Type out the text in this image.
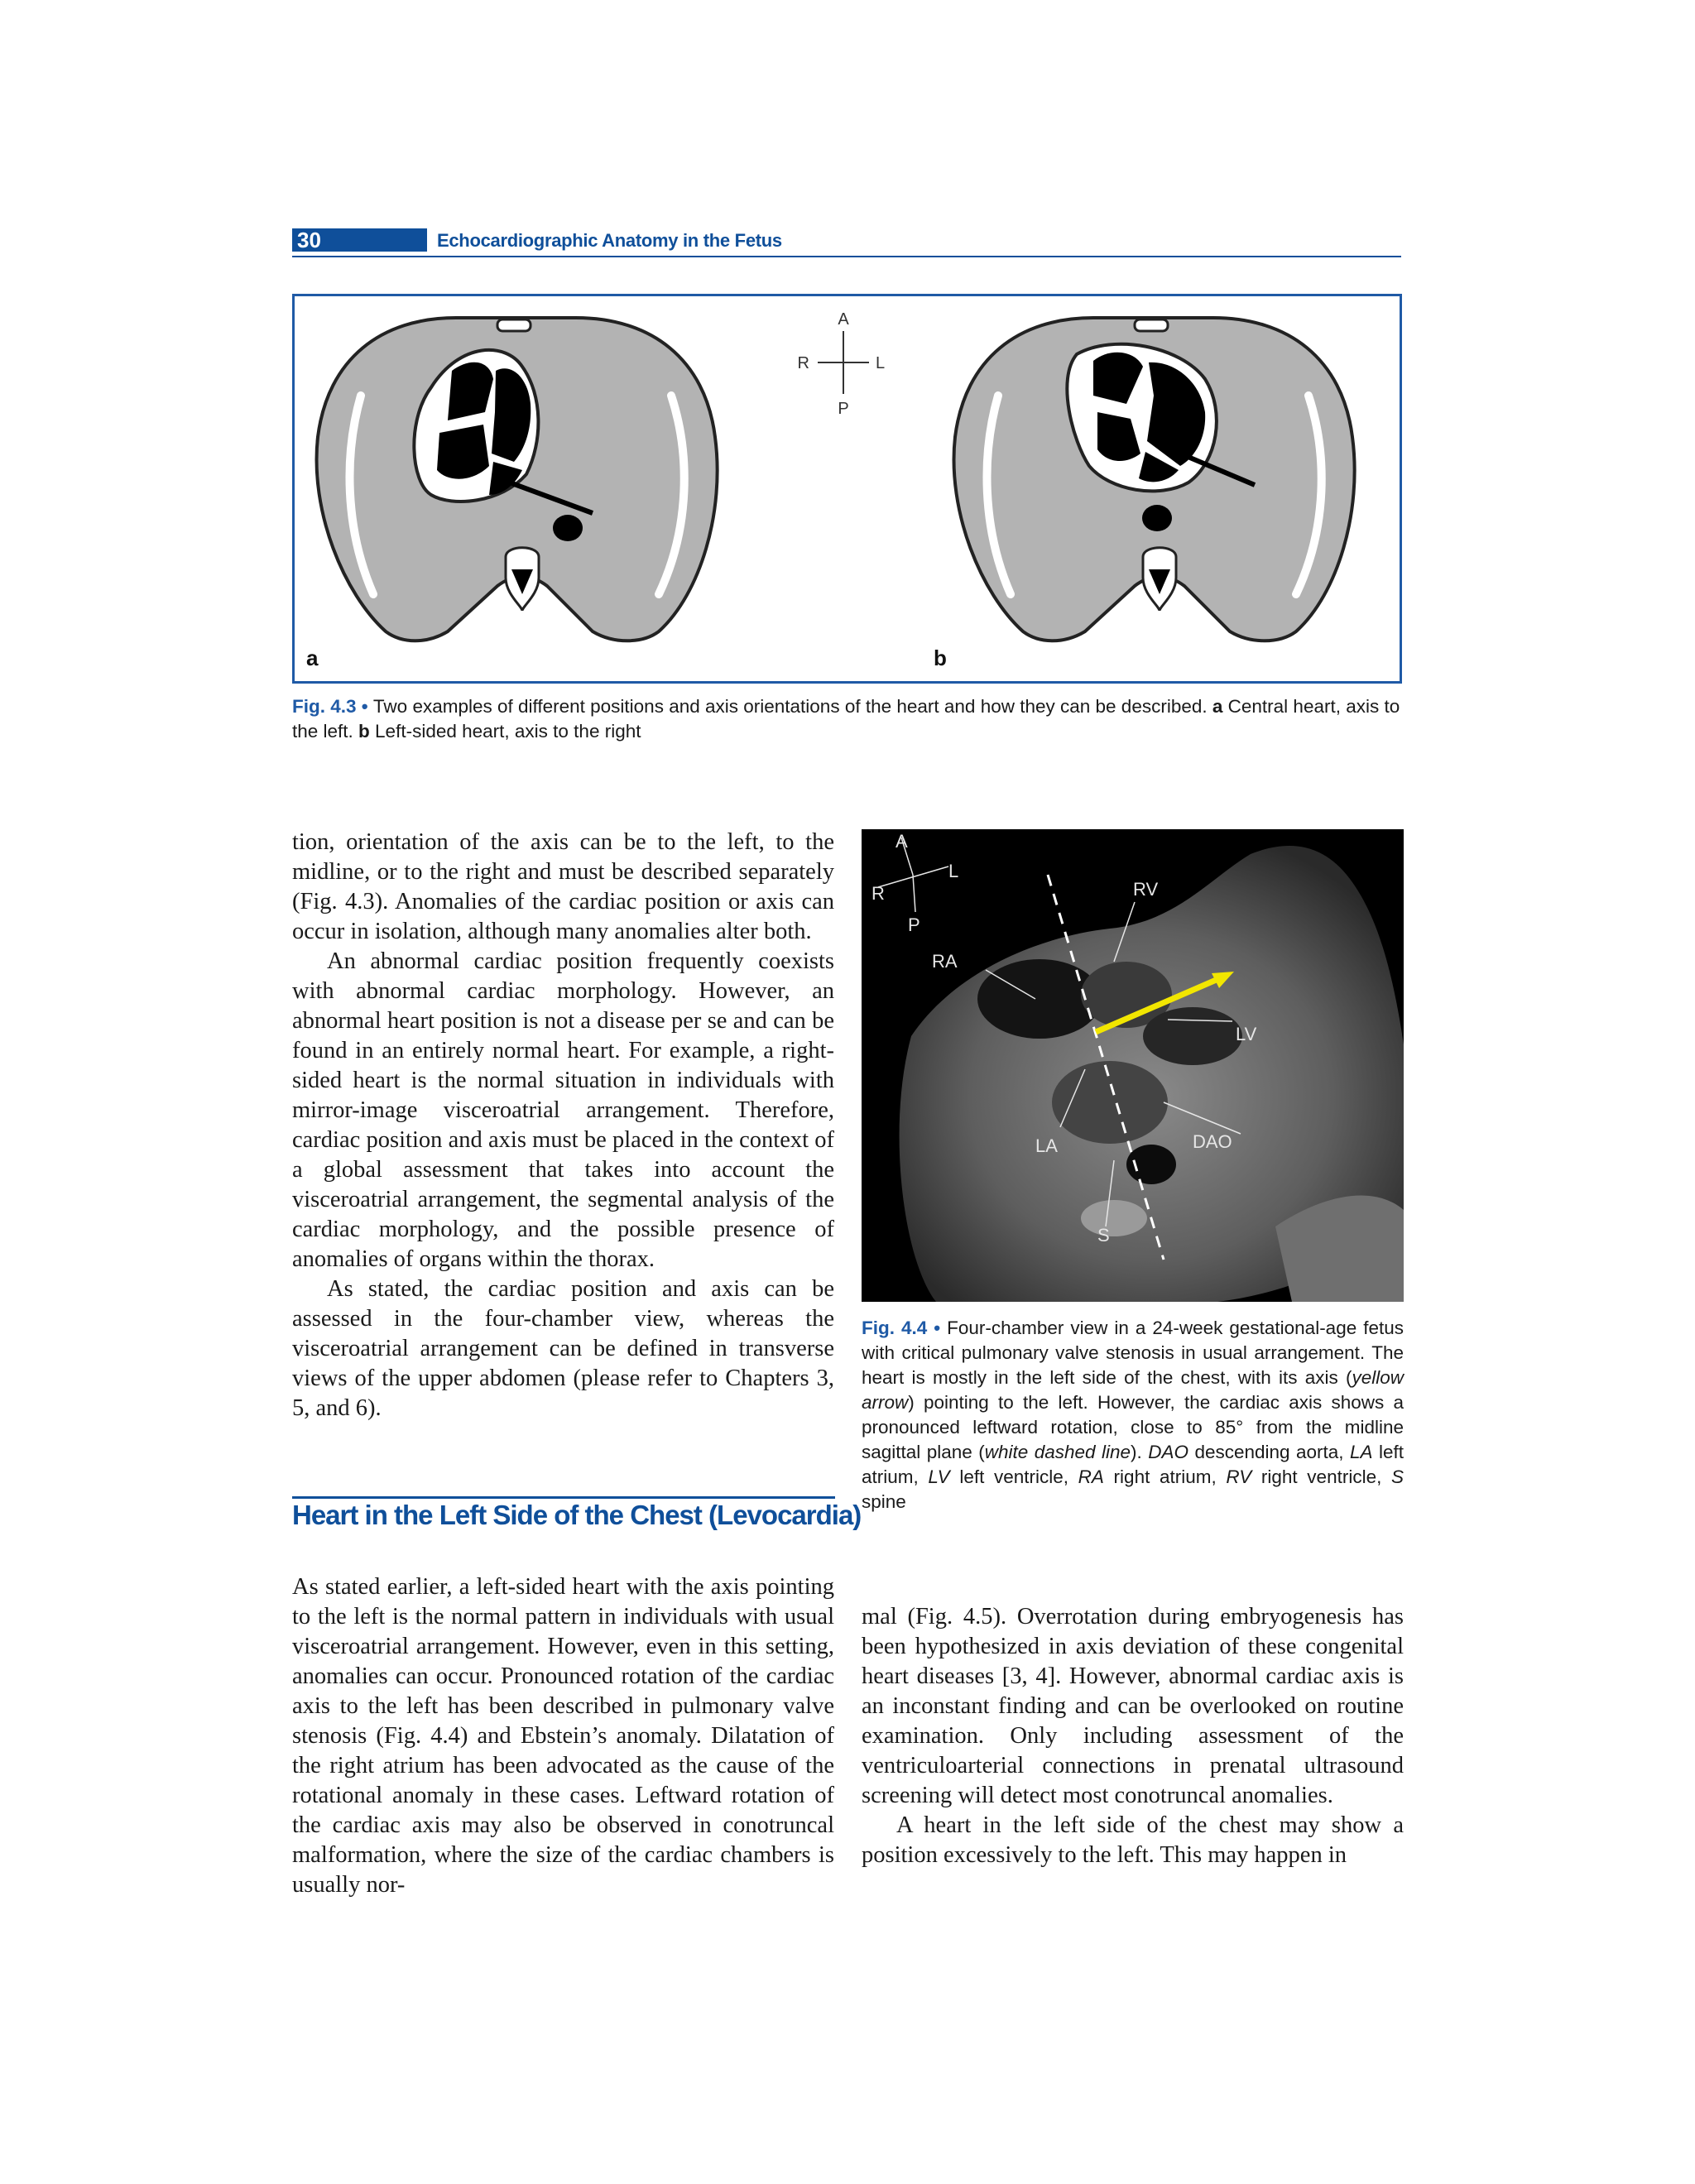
30	Echocardiographic Anatomy in the Fetus
A
P
R	L
a	b
Fig. 4.3 • Two examples of different positions and axis orientations of the heart and how they can be described. a Central heart, axis to the left. b Left-sided heart, axis to the right

tion, orientation of the axis can be to the left, to the midline, or to the right and must be described separately (Fig. 4.3). Anomalies of the cardiac position or axis can occur in isolation, although many anomalies alter both.

An abnormal cardiac position frequently coexists with abnormal cardiac morphology. However, an abnormal heart position is not a disease per se and can be found in an entirely normal heart. For example, a right-sided heart is the normal situation in individuals with mirror-image visceroatrial arrangement. Therefore, cardiac position and axis must be placed in the context of a global assessment that takes into account the visceroatrial arrangement, the segmental analysis of the cardiac morphology, and the possible presence of anomalies of organs within the thorax.

As stated, the cardiac position and axis can be assessed in the four-chamber view, whereas the visceroatrial arrangement can be defined in transverse views of the upper abdomen (please refer to Chapters 3, 5, and 6).

A
R
L
P
RV
RA
LV
LA	DAO
S
Fig. 4.4 • Four-chamber view in a 24-week gestational-age fetus with critical pulmonary valve stenosis in usual arrangement. The heart is mostly in the left side of the chest, with its axis (yellow arrow) pointing to the left. However, the cardiac axis shows a pronounced leftward rotation, close to 85° from the midline sagittal plane (white dashed line). DAO descending aorta, LA left atrium, LV left ventricle, RA right atrium, RV right ventricle, S spine
Heart in the Left Side of the Chest (Levocardia)

As stated earlier, a left-sided heart with the axis pointing to the left is the normal pattern in individuals with usual visceroatrial arrangement. However, even in this setting, anomalies can occur. Pronounced rotation of the cardiac axis to the left has been described in pulmonary valve stenosis (Fig. 4.4) and Ebstein’s anomaly. Dilatation of the right atrium has been advocated as the cause of the rotational anomaly in these cases. Leftward rotation of the cardiac axis may also be observed in conotruncal malformation, where the size of the cardiac chambers is usually nor-

mal (Fig. 4.5). Overrotation during embryogenesis has been hypothesized in axis deviation of these congenital heart diseases [3, 4]. However, abnormal cardiac axis is an inconstant finding and can be overlooked on routine examination. Only including assessment of the ventriculoarterial connections in prenatal ultrasound screening will detect most conotruncal anomalies.

A heart in the left side of the chest may show a position excessively to the left. This may happen in
